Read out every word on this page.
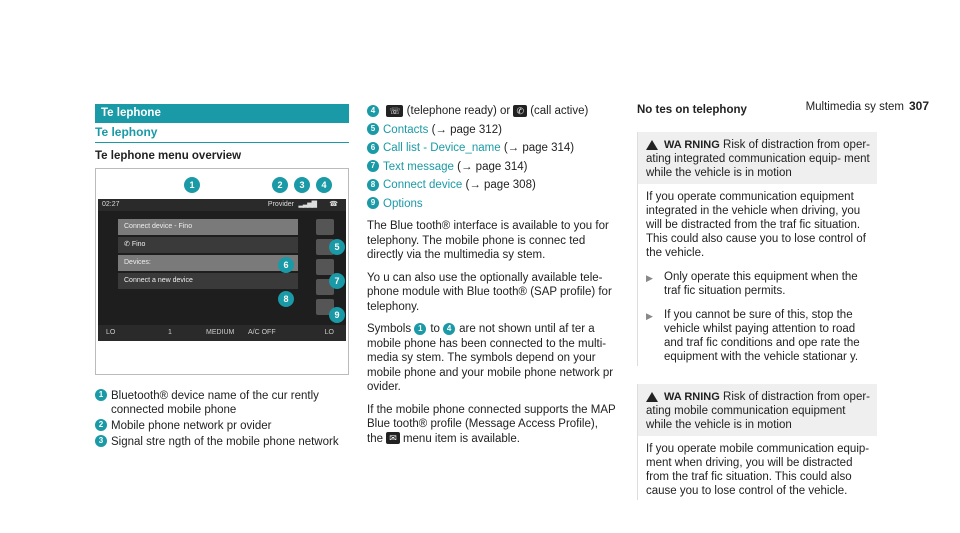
Multimedia sy stem 307
Te lephone
Te lephony
Te lephone menu overview
02:27	Provider ▂▃▅▇ ☎
Connect device - Fino
✆ Fino
Devices:
Connect a new device
LO	1	MEDIUM A/C OFF	LO
1	2	3	4
5
6
7
8
9
1 Bluetooth® device name of the cur rently connected mobile phone
2 Mobile phone network pr ovider
3 Signal stre ngth of the mobile phone network
4 ☏ (telephone ready) or ✆ (call active)
5 Contacts (→ page 312)
6 Call list - Device_name (→ page 314)
7 Text message (→ page 314)
8 Connect device (→ page 308)
9 Options

The Blue tooth® interface is available to you for telephony. The mobile phone is connec ted directly via the multimedia sy stem.

Yo u can also use the optionally available tele‐ phone module with Blue tooth® (SAP profile) for telephony.

Symbols 1 to 4 are not shown until af ter a mobile phone has been connected to the multi‐ media sy stem. The symbols depend on your mobile phone and your mobile phone network pr ovider.

If the mobile phone connected supports the MAP Blue tooth® profile (Message Access Profile), the ✉ menu item is available.

No tes on telephony
WA RNING Risk of distraction from oper‐ ating integrated communication equip‐ ment while the vehicle is in motion

If you operate communication equipment integrated in the vehicle when driving, you will be distracted from the traf fic situation. This could also cause you to lose control of the vehicle.

▶ Only operate this equipment when the traf fic situation permits.
▶ If you cannot be sure of this, stop the vehicle whilst paying attention to road and traf fic conditions and ope rate the equipment with the vehicle stationar y.
WA RNING Risk of distraction from oper‐ ating mobile communication equipment while the vehicle is in motion

If you operate mobile communication equip‐ ment when driving, you will be distracted from the traf fic situation. This could also cause you to lose control of the vehicle.
